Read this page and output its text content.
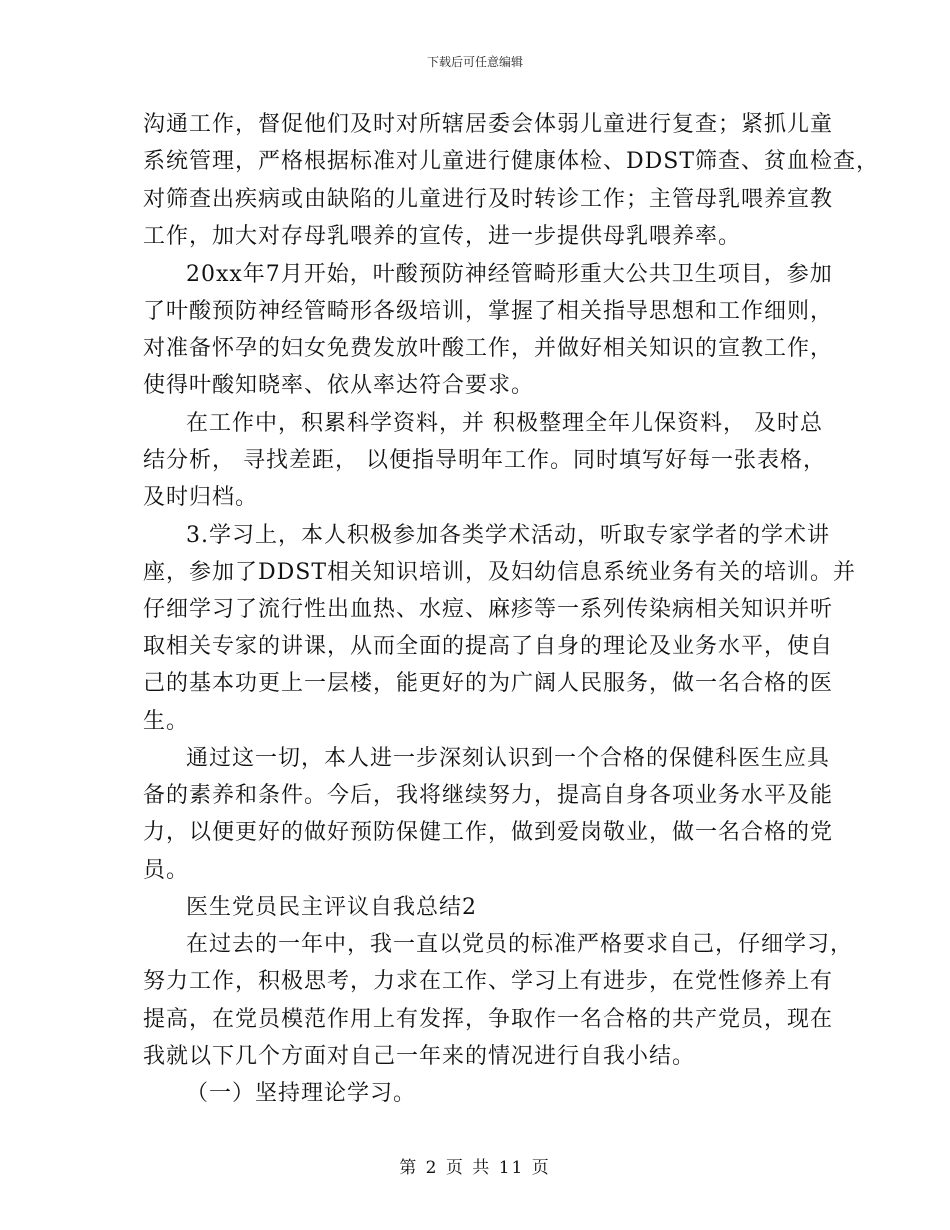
下载后可任意编辑
沟通工作，督促他们及时对所辖居委会体弱儿童进行复查；紧抓儿童
系统管理，严格根据标准对儿童进行健康体检、DDST筛查、贫血检查，
对筛查出疾病或由缺陷的儿童进行及时转诊工作；主管母乳喂养宣教
工作，加大对存母乳喂养的宣传，进一步提供母乳喂养率。
20xx年7月开始，叶酸预防神经管畸形重大公共卫生项目，参加
了叶酸预防神经管畸形各级培训，掌握了相关指导思想和工作细则，
对准备怀孕的妇女免费发放叶酸工作，并做好相关知识的宣教工作，
使得叶酸知晓率、依从率达符合要求。
在工作中，积累科学资料，并 积极整理全年儿保资料， 及时总
结分析， 寻找差距， 以便指导明年工作。同时填写好每一张表格，
及时归档。
3.学习上，本人积极参加各类学术活动，听取专家学者的学术讲
座，参加了DDST相关知识培训，及妇幼信息系统业务有关的培训。并
仔细学习了流行性出血热、水痘、麻疹等一系列传染病相关知识并听
取相关专家的讲课，从而全面的提高了自身的理论及业务水平，使自
己的基本功更上一层楼，能更好的为广阔人民服务，做一名合格的医
生。
通过这一切，本人进一步深刻认识到一个合格的保健科医生应具
备的素养和条件。今后，我将继续努力，提高自身各项业务水平及能
力，以便更好的做好预防保健工作，做到爱岗敬业，做一名合格的党
员。
医生党员民主评议自我总结2
在过去的一年中，我一直以党员的标准严格要求自己，仔细学习，
努力工作，积极思考，力求在工作、学习上有进步，在党性修养上有
提高，在党员模范作用上有发挥，争取作一名合格的共产党员，现在
我就以下几个方面对自己一年来的情况进行自我小结。
（一）坚持理论学习。
第 2 页 共 11 页
